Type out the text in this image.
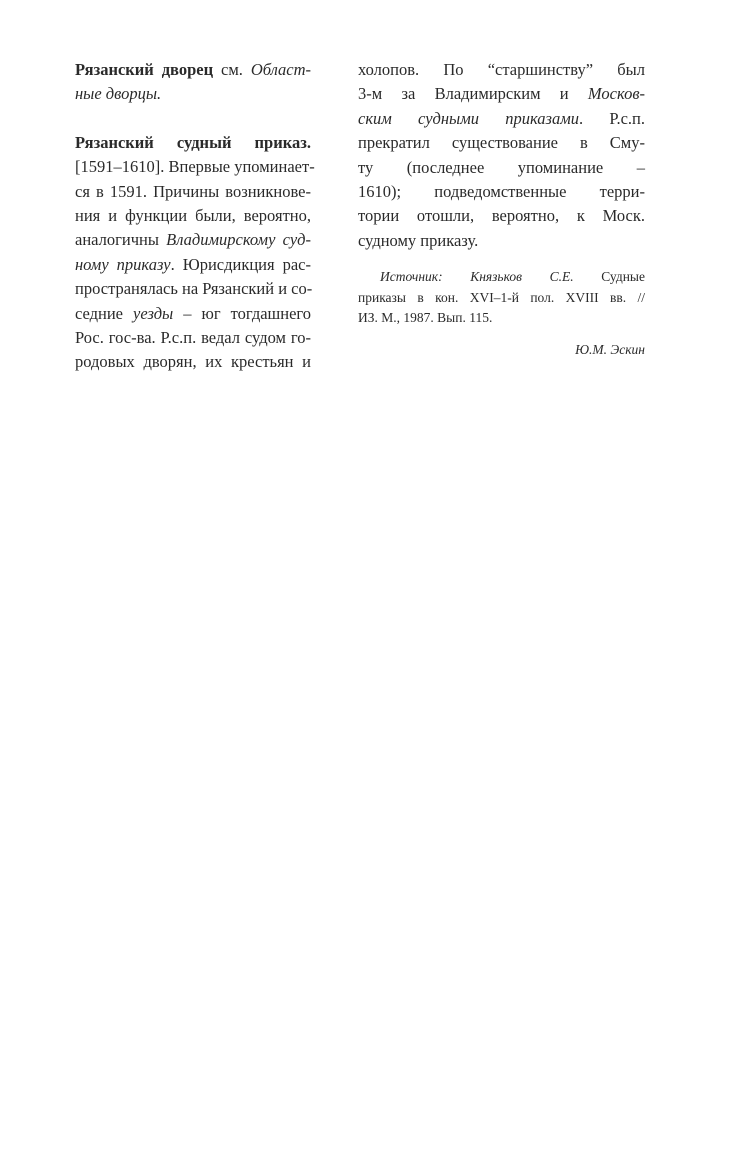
Рязанский дворец см. Област-
ные дворцы.
Рязанский судный приказ.
[1591–1610]. Впервые упоминает-
ся в 1591. Причины возникнове-
ния и функции были, вероятно,
аналогичны Владимирскому суд-
ному приказу. Юрисдикция рас-
пространялась на Рязанский и со-
седние уезды – юг тогдашнего
Рос. гос-ва. Р.с.п. ведал судом го-
родовых дворян, их крестьян и
холопов. По “старшинству” был
3-м за Владимирским и Москов-
ским судными приказами. Р.с.п.
прекратил существование в Сму-
ту (последнее упоминание –
1610); подведомственные терри-
тории отошли, вероятно, к Моск.
судному приказу.
Источник: Князьков С.Е. Судные
приказы в кон. XVI–1-й пол. XVIII вв. //
ИЗ. М., 1987. Вып. 115.
Ю.М. Эскин
